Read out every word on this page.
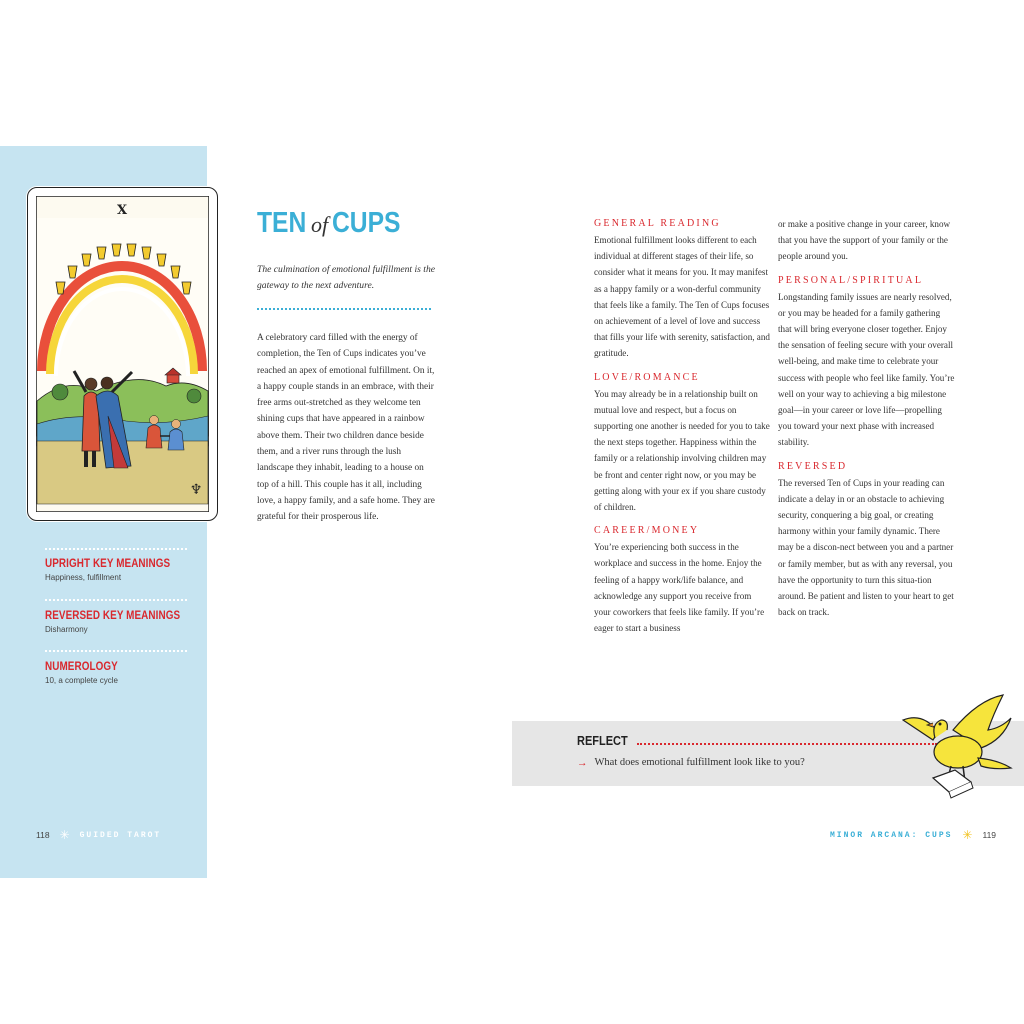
X
♆
UPRIGHT KEY MEANINGS
Happiness, fulfillment
REVERSED KEY MEANINGS
Disharmony
NUMEROLOGY
10, a complete cycle
118 ✳ GUIDED TAROT
TEN of CUPS
The culmination of emotional fulfillment is the gateway to the next adventure.
A celebratory card filled with the energy of completion, the Ten of Cups indicates you’ve reached an apex of emotional fulfillment. On it, a happy couple stands in an embrace, with their free arms out-stretched as they welcome ten shining cups that have appeared in a rainbow above them. Their two children dance beside them, and a river runs through the lush landscape they inhabit, leading to a house on top of a hill. This couple has it all, including love, a happy family, and a safe home. They are grateful for their prosperous life.
GENERAL READING
Emotional fulfillment looks different to each individual at different stages of their life, so consider what it means for you. It may manifest as a happy family or a won-derful community that feels like a family. The Ten of Cups focuses on achievement of a level of love and success that fills your life with serenity, satisfaction, and gratitude.
LOVE/ROMANCE
You may already be in a relationship built on mutual love and respect, but a focus on supporting one another is needed for you to take the next steps together. Happiness within the family or a relationship involving children may be front and center right now, or you may be getting along with your ex if you share custody of children.
CAREER/MONEY
You’re experiencing both success in the workplace and success in the home. Enjoy the feeling of a happy work/life balance, and acknowledge any support you receive from your coworkers that feels like family. If you’re eager to start a business
or make a positive change in your career, know that you have the support of your family or the people around you.
PERSONAL/SPIRITUAL
Longstanding family issues are nearly resolved, or you may be headed for a family gathering that will bring everyone closer together. Enjoy the sensation of feeling secure with your overall well-being, and make time to celebrate your success with people who feel like family. You’re well on your way to achieving a big milestone goal—in your career or love life—propelling you toward your next phase with increased stability.
REVERSED
The reversed Ten of Cups in your reading can indicate a delay in or an obstacle to achieving security, conquering a big goal, or creating harmony within your family dynamic. There may be a discon-nect between you and a partner or family member, but as with any reversal, you have the opportunity to turn this situa-tion around. Be patient and listen to your heart to get back on track.
REFLECT
→ What does emotional fulfillment look like to you?
MINOR ARCANA: CUPS ✳ 119
